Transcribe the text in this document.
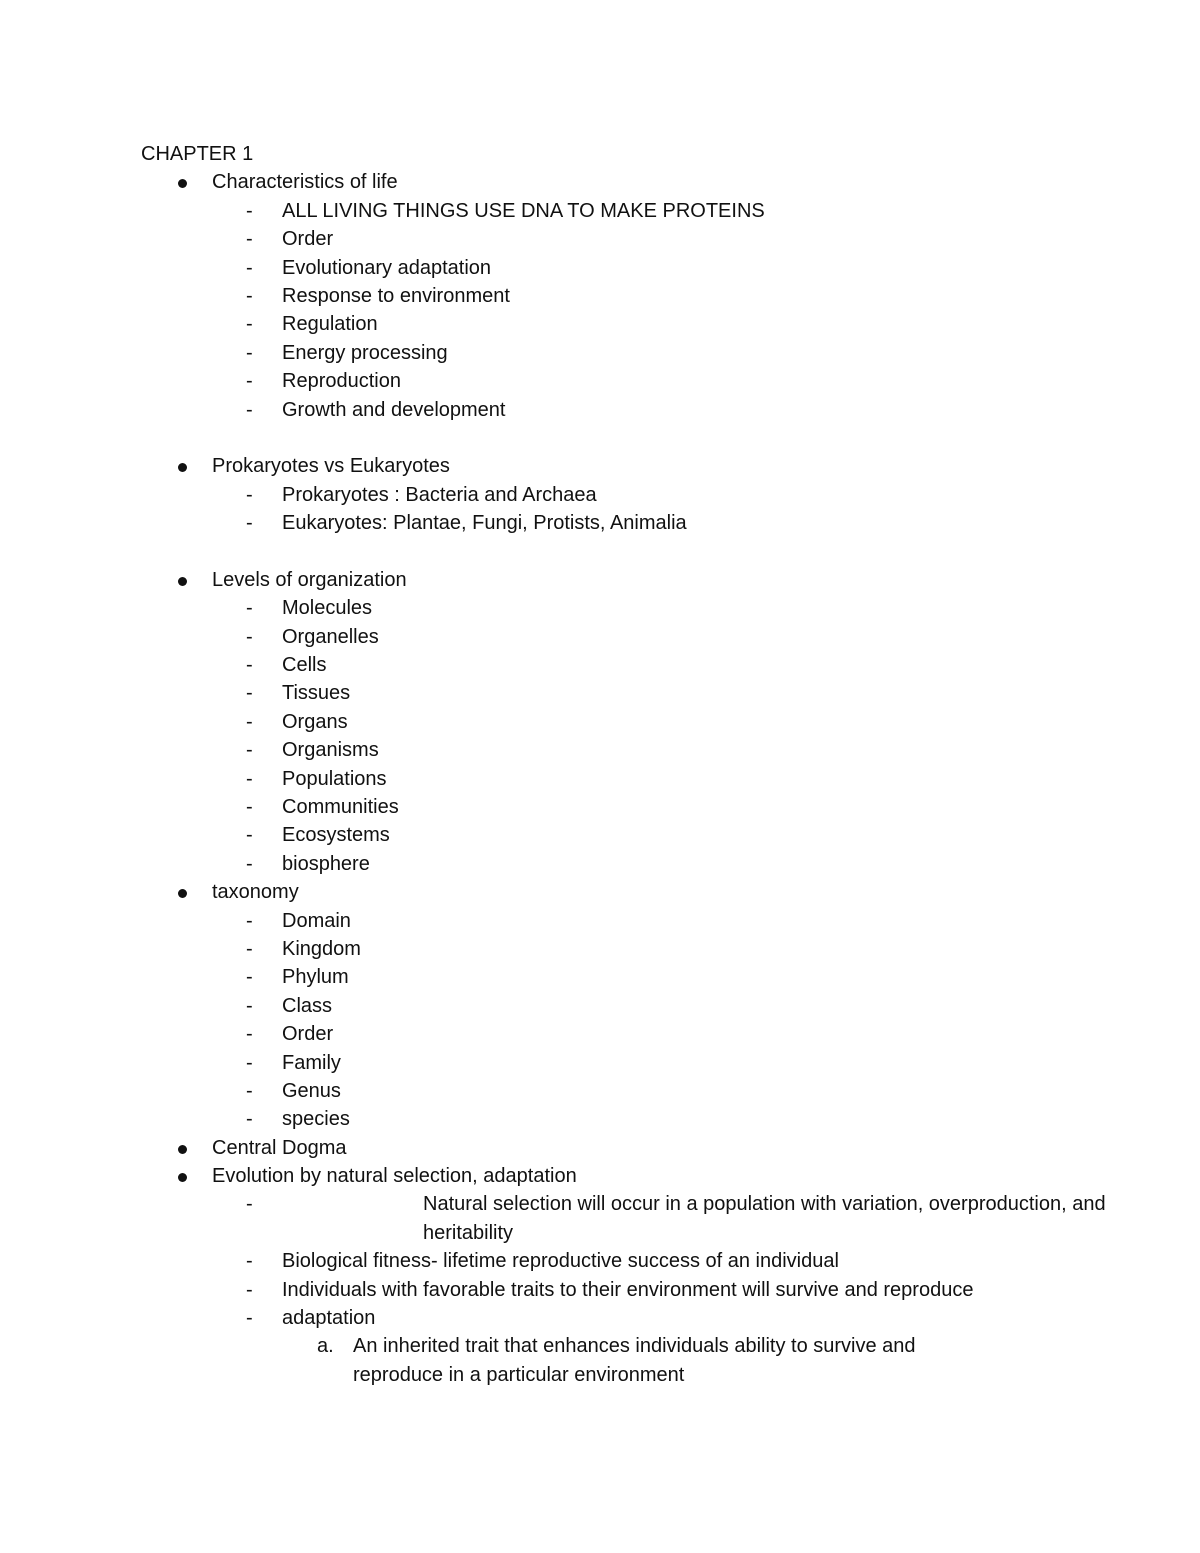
CHAPTER 1
Characteristics of life
- ALL LIVING THINGS USE DNA TO MAKE PROTEINS
- Order
- Evolutionary adaptation
- Response to environment
- Regulation
- Energy processing
- Reproduction
- Growth and development
Prokaryotes vs Eukaryotes
- Prokaryotes : Bacteria and Archaea
- Eukaryotes: Plantae, Fungi, Protists, Animalia
Levels of organization
- Molecules
- Organelles
- Cells
- Tissues
- Organs
- Organisms
- Populations
- Communities
- Ecosystems
- biosphere
taxonomy
- Domain
- Kingdom
- Phylum
- Class
- Order
- Family
- Genus
- species
Central Dogma
Evolution by natural selection, adaptation
-	Natural selection will occur in a population with variation, overproduction, and heritability
- Biological fitness- lifetime reproductive success of an individual
- Individuals with favorable traits to their environment will survive and reproduce
- adaptation
a. An inherited trait that enhances individuals ability to survive and reproduce in a particular environment
